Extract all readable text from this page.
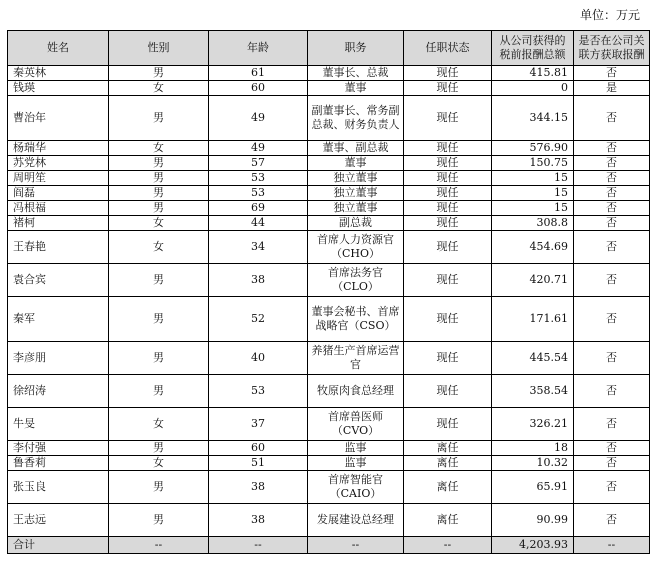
单位：万元
姓名	性别	年龄	职务	任职状态	从公司获得的税前报酬总额	是否在公司关联方获取报酬
秦英林	男	61	董事长、总裁	现任	415.81	否
钱瑛	女	60	董事	现任	0	是
曹治年	男	49	副董事长、常务副总裁、财务负责人	现任	344.15	否
杨瑞华	女	49	董事、副总裁	现任	576.90	否
苏党林	男	57	董事	现任	150.75	否
周明笙	男	53	独立董事	现任	15	否
阎磊	男	53	独立董事	现任	15	否
冯根福	男	69	独立董事	现任	15	否
褚柯	女	44	副总裁	现任	308.8	否
王春艳	女	34	首席人力资源官（CHO）	现任	454.69	否
袁合宾	男	38	首席法务官（CLO）	现任	420.71	否
秦军	男	52	董事会秘书、首席战略官（CSO）	现任	171.61	否
李彦朋	男	40	养猪生产首席运营官	现任	445.54	否
徐绍涛	男	53	牧原肉食总经理	现任	358.54	否
牛旻	女	37	首席兽医师（CVO）	现任	326.21	否
李付强	男	60	监事	离任	18	否
鲁香莉	女	51	监事	离任	10.32	否
张玉良	男	38	首席智能官（CAIO）	离任	65.91	否
王志远	男	38	发展建设总经理	离任	90.99	否
合计	--	--	--	--	4,203.93	--
